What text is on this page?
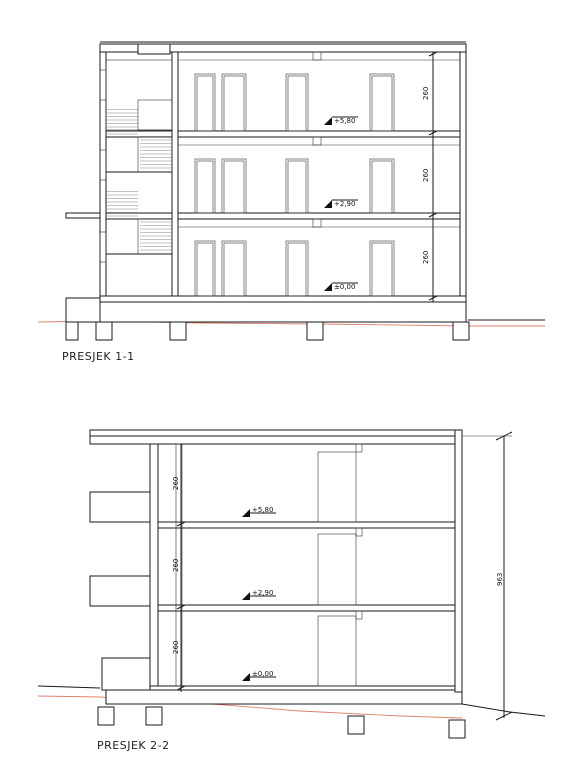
260
260
260
+5,80
+2,90
±0,00
PRESJEK 1-1
260
260
260
963
+5,80
+2,90
±0,00
PRESJEK 2-2
